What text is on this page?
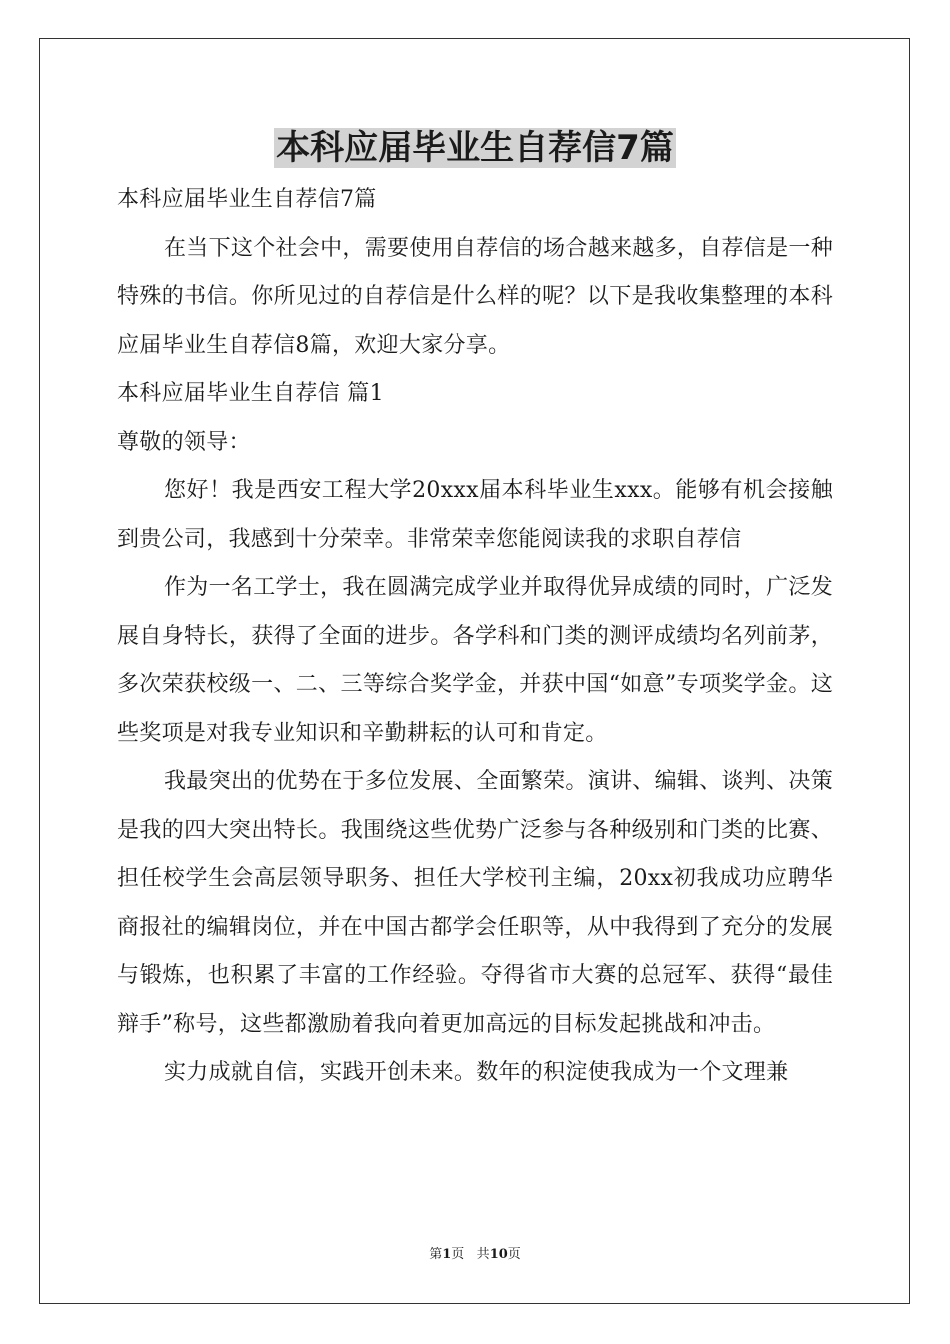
本科应届毕业生自荐信7篇

本科应届毕业生自荐信7篇

在当下这个社会中，需要使用自荐信的场合越来越多，自荐信是一种特殊的书信。你所见过的自荐信是什么样的呢？以下是我收集整理的本科应届毕业生自荐信8篇，欢迎大家分享。

本科应届毕业生自荐信 篇1

尊敬的领导：

您好！我是西安工程大学20xxx届本科毕业生xxx。能够有机会接触到贵公司，我感到十分荣幸。非常荣幸您能阅读我的求职自荐信

作为一名工学士，我在圆满完成学业并取得优异成绩的同时，广泛发展自身特长，获得了全面的进步。各学科和门类的测评成绩均名列前茅，多次荣获校级一、二、三等综合奖学金，并获中国“如意”专项奖学金。这些奖项是对我专业知识和辛勤耕耘的认可和肯定。

我最突出的优势在于多位发展、全面繁荣。演讲、编辑、谈判、决策是我的四大突出特长。我围绕这些优势广泛参与各种级别和门类的比赛、担任校学生会高层领导职务、担任大学校刊主编，20xx初我成功应聘华商报社的编辑岗位，并在中国古都学会任职等，从中我得到了充分的发展与锻炼，也积累了丰富的工作经验。夺得省市大赛的总冠军、获得“最佳辩手”称号，这些都激励着我向着更加高远的目标发起挑战和冲击。

实力成就自信，实践开创未来。数年的积淀使我成为一个文理兼

第1页 共10页
